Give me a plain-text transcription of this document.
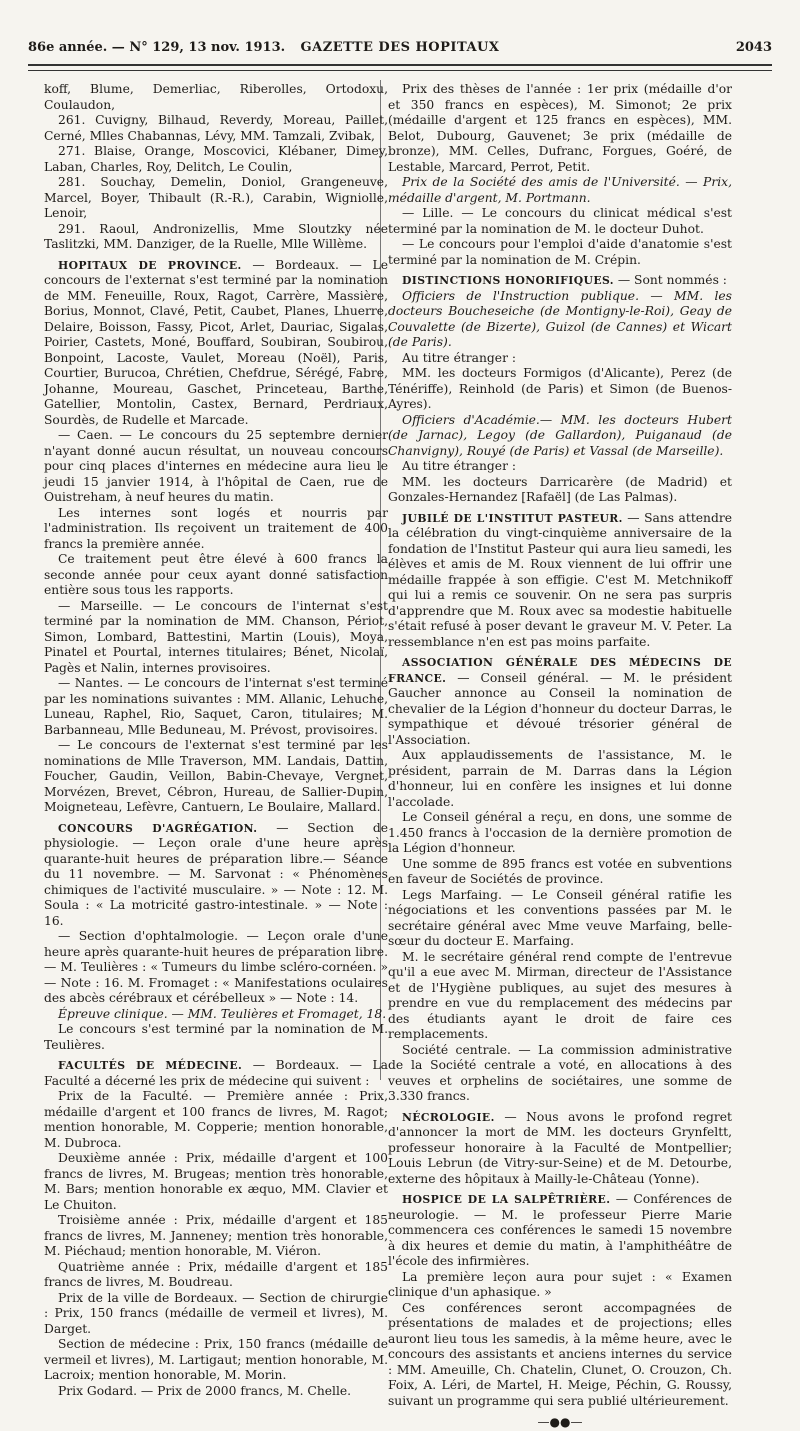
86e année. — N° 129, 13 nov. 1913.	GAZETTE DES HOPITAUX	2043

koff, Blume, Demerliac, Riberolles, Ortodoxu, Coulaudon,

261. Cuvigny, Bilhaud, Reverdy, Moreau, Paillet, Cerné, Mlles Chabannas, Lévy, MM. Tamzali, Zvibak,

271. Blaise, Orange, Moscovici, Klébaner, Dimey, Laban, Charles, Roy, Delitch, Le Coulin,

281. Souchay, Demelin, Doniol, Grangeneuve, Marcel, Boyer, Thibault (R.-R.), Carabin, Wigniolle, Lenoir,

291. Raoul, Andronizellis, Mme Sloutzky née Taslitzki, MM. Danziger, de la Ruelle, Mlle Willème.

HOPITAUX DE PROVINCE. — Bordeaux. — Le concours de l'externat s'est terminé par la nomination de MM. Feneuille, Roux, Ragot, Carrère, Massière, Borius, Monnot, Clavé, Petit, Caubet, Planes, Lhuerre, Delaire, Boisson, Fassy, Picot, Arlet, Dauriac, Sigalas, Poirier, Castets, Moné, Bouffard, Soubiran, Soubirou, Bonpoint, Lacoste, Vaulet, Moreau (Noël), Paris, Courtier, Burucoa, Chrétien, Chefdrue, Sérégé, Fabre, Johanne, Moureau, Gaschet, Princeteau, Barthe, Gatellier, Montolin, Castex, Bernard, Perdriaux, Sourdès, de Rudelle et Marcade.

— Caen. — Le concours du 25 septembre dernier n'ayant donné aucun résultat, un nouveau concours pour cinq places d'internes en médecine aura lieu le jeudi 15 janvier 1914, à l'hôpital de Caen, rue de Ouistreham, à neuf heures du matin.

Les internes sont logés et nourris par l'administration. Ils reçoivent un traitement de 400 francs la première année.

Ce traitement peut être élevé à 600 francs la seconde année pour ceux ayant donné satisfaction entière sous tous les rapports.

— Marseille. — Le concours de l'internat s'est terminé par la nomination de MM. Chanson, Périot, Simon, Lombard, Battestini, Martin (Louis), Moya, Pinatel et Pourtal, internes titulaires; Bénet, Nicolaï, Pagès et Nalin, internes provisoires.

— Nantes. — Le concours de l'internat s'est terminé par les nominations suivantes : MM. Allanic, Lehuche, Luneau, Raphel, Rio, Saquet, Caron, titulaires; M. Barbanneau, Mlle Beduneau, M. Prévost, provisoires.

— Le concours de l'externat s'est terminé par les nominations de Mlle Traverson, MM. Landais, Dattin, Foucher, Gaudin, Veillon, Babin-Chevaye, Vergnet, Morvézen, Brevet, Cébron, Hureau, de Sallier-Dupin, Moigneteau, Lefèvre, Cantuern, Le Boulaire, Mallard.

CONCOURS D'AGRÉGATION. — Section de physiologie. — Leçon orale d'une heure après quarante-huit heures de préparation libre.— Séance du 11 novembre. — M. Sarvonat : « Phénomènes chimiques de l'activité musculaire. » — Note : 12. M. Soula : « La motricité gastro-intestinale. » — Note : 16.

— Section d'ophtalmologie. — Leçon orale d'une heure après quarante-huit heures de préparation libre. — M. Teulières : « Tumeurs du limbe scléro-cornéen. » — Note : 16. M. Fromaget : « Manifestations oculaires des abcès cérébraux et cérébelleux » — Note : 14.

Épreuve clinique. — MM. Teulières et Fromaget, 18.

Le concours s'est terminé par la nomination de M. Teulières.

FACULTÉS DE MÉDECINE. — Bordeaux. — La Faculté a décerné les prix de médecine qui suivent :

Prix de la Faculté. — Première année : Prix, médaille d'argent et 100 francs de livres, M. Ragot; mention honorable, M. Copperie; mention honorable, M. Dubroca.

Deuxième année : Prix, médaille d'argent et 100 francs de livres, M. Brugeas; mention très honorable, M. Bars; mention honorable ex æquo, MM. Clavier et Le Chuiton.

Troisième année : Prix, médaille d'argent et 185 francs de livres, M. Janneney; mention très honorable, M. Piéchaud; mention honorable, M. Viéron.

Quatrième année : Prix, médaille d'argent et 185 francs de livres, M. Boudreau.

Prix de la ville de Bordeaux. — Section de chirurgie : Prix, 150 francs (médaille de vermeil et livres), M. Darget.

Section de médecine : Prix, 150 francs (médaille de vermeil et livres), M. Lartigaut; mention honorable, M. Lacroix; mention honorable, M. Morin.

Prix Godard. — Prix de 2000 francs, M. Chelle.

Prix des thèses de l'année : 1er prix (médaille d'or et 350 francs en espèces), M. Simonot; 2e prix (médaille d'argent et 125 francs en espèces), MM. Belot, Dubourg, Gauvenet; 3e prix (médaille de bronze), MM. Celles, Dufranc, Forgues, Goéré, de Lestable, Marcard, Perrot, Petit.

Prix de la Société des amis de l'Université. — Prix, médaille d'argent, M. Portmann.

— Lille. — Le concours du clinicat médical s'est terminé par la nomination de M. le docteur Duhot.

— Le concours pour l'emploi d'aide d'anatomie s'est terminé par la nomination de M. Crépin.

DISTINCTIONS HONORIFIQUES. — Sont nommés :

Officiers de l'Instruction publique. — MM. les docteurs Boucheseiche (de Montigny-le-Roi), Geay de Couvalette (de Bizerte), Guizol (de Cannes) et Wicart (de Paris).

Au titre étranger :

MM. les docteurs Formigos (d'Alicante), Perez (de Ténériffe), Reinhold (de Paris) et Simon (de Buenos-Ayres).

Officiers d'Académie.— MM. les docteurs Hubert (de Jarnac), Legoy (de Gallardon), Puiganaud (de Chanvigny), Rouyé (de Paris) et Vassal (de Marseille).

Au titre étranger :

MM. les docteurs Darricarère (de Madrid) et Gonzales-Hernandez [Rafaël] (de Las Palmas).

JUBILÉ DE L'INSTITUT PASTEUR. — Sans attendre la célébration du vingt-cinquième anniversaire de la fondation de l'Institut Pasteur qui aura lieu samedi, les élèves et amis de M. Roux viennent de lui offrir une médaille frappée à son effigie. C'est M. Metchnikoff qui lui a remis ce souvenir. On ne sera pas surpris d'apprendre que M. Roux avec sa modestie habituelle s'était refusé à poser devant le graveur M. V. Peter. La ressemblance n'en est pas moins parfaite.

ASSOCIATION GÉNÉRALE DES MÉDECINS DE FRANCE. — Conseil général. — M. le président Gaucher annonce au Conseil la nomination de chevalier de la Légion d'honneur du docteur Darras, le sympathique et dévoué trésorier général de l'Association.

Aux applaudissements de l'assistance, M. le président, parrain de M. Darras dans la Légion d'honneur, lui en confère les insignes et lui donne l'accolade.

Le Conseil général a reçu, en dons, une somme de 1.450 francs à l'occasion de la dernière promotion de la Légion d'honneur.

Une somme de 895 francs est votée en subventions en faveur de Sociétés de province.

Legs Marfaing. — Le Conseil général ratifie les négociations et les conventions passées par M. le secrétaire général avec Mme veuve Marfaing, belle-sœur du docteur E. Marfaing.

M. le secrétaire général rend compte de l'entrevue qu'il a eue avec M. Mirman, directeur de l'Assistance et de l'Hygiène publiques, au sujet des mesures à prendre en vue du remplacement des médecins par des étudiants ayant le droit de faire ces remplacements.

Société centrale. — La commission administrative de la Société centrale a voté, en allocations à des veuves et orphelins de sociétaires, une somme de 3.330 francs.

NÉCROLOGIE. — Nous avons le profond regret d'annoncer la mort de MM. les docteurs Grynfeltt, professeur honoraire à la Faculté de Montpellier; Louis Lebrun (de Vitry-sur-Seine) et de M. Detourbe, externe des hôpitaux à Mailly-le-Château (Yonne).

HOSPICE DE LA SALPÊTRIÈRE. — Conférences de neurologie. — M. le professeur Pierre Marie commencera ces conférences le samedi 15 novembre à dix heures et demie du matin, à l'amphithéâtre de l'école des infirmières.

La première leçon aura pour sujet : « Examen clinique d'un aphasique. »

Ces conférences seront accompagnées de présentations de malades et de projections; elles auront lieu tous les samedis, à la même heure, avec le concours des assistants et anciens internes du service : MM. Ameuille, Ch. Chatelin, Clunet, O. Crouzon, Ch. Foix, A. Léri, de Martel, H. Meige, Péchin, G. Roussy, suivant un programme qui sera publié ultérieurement.

—●●—
